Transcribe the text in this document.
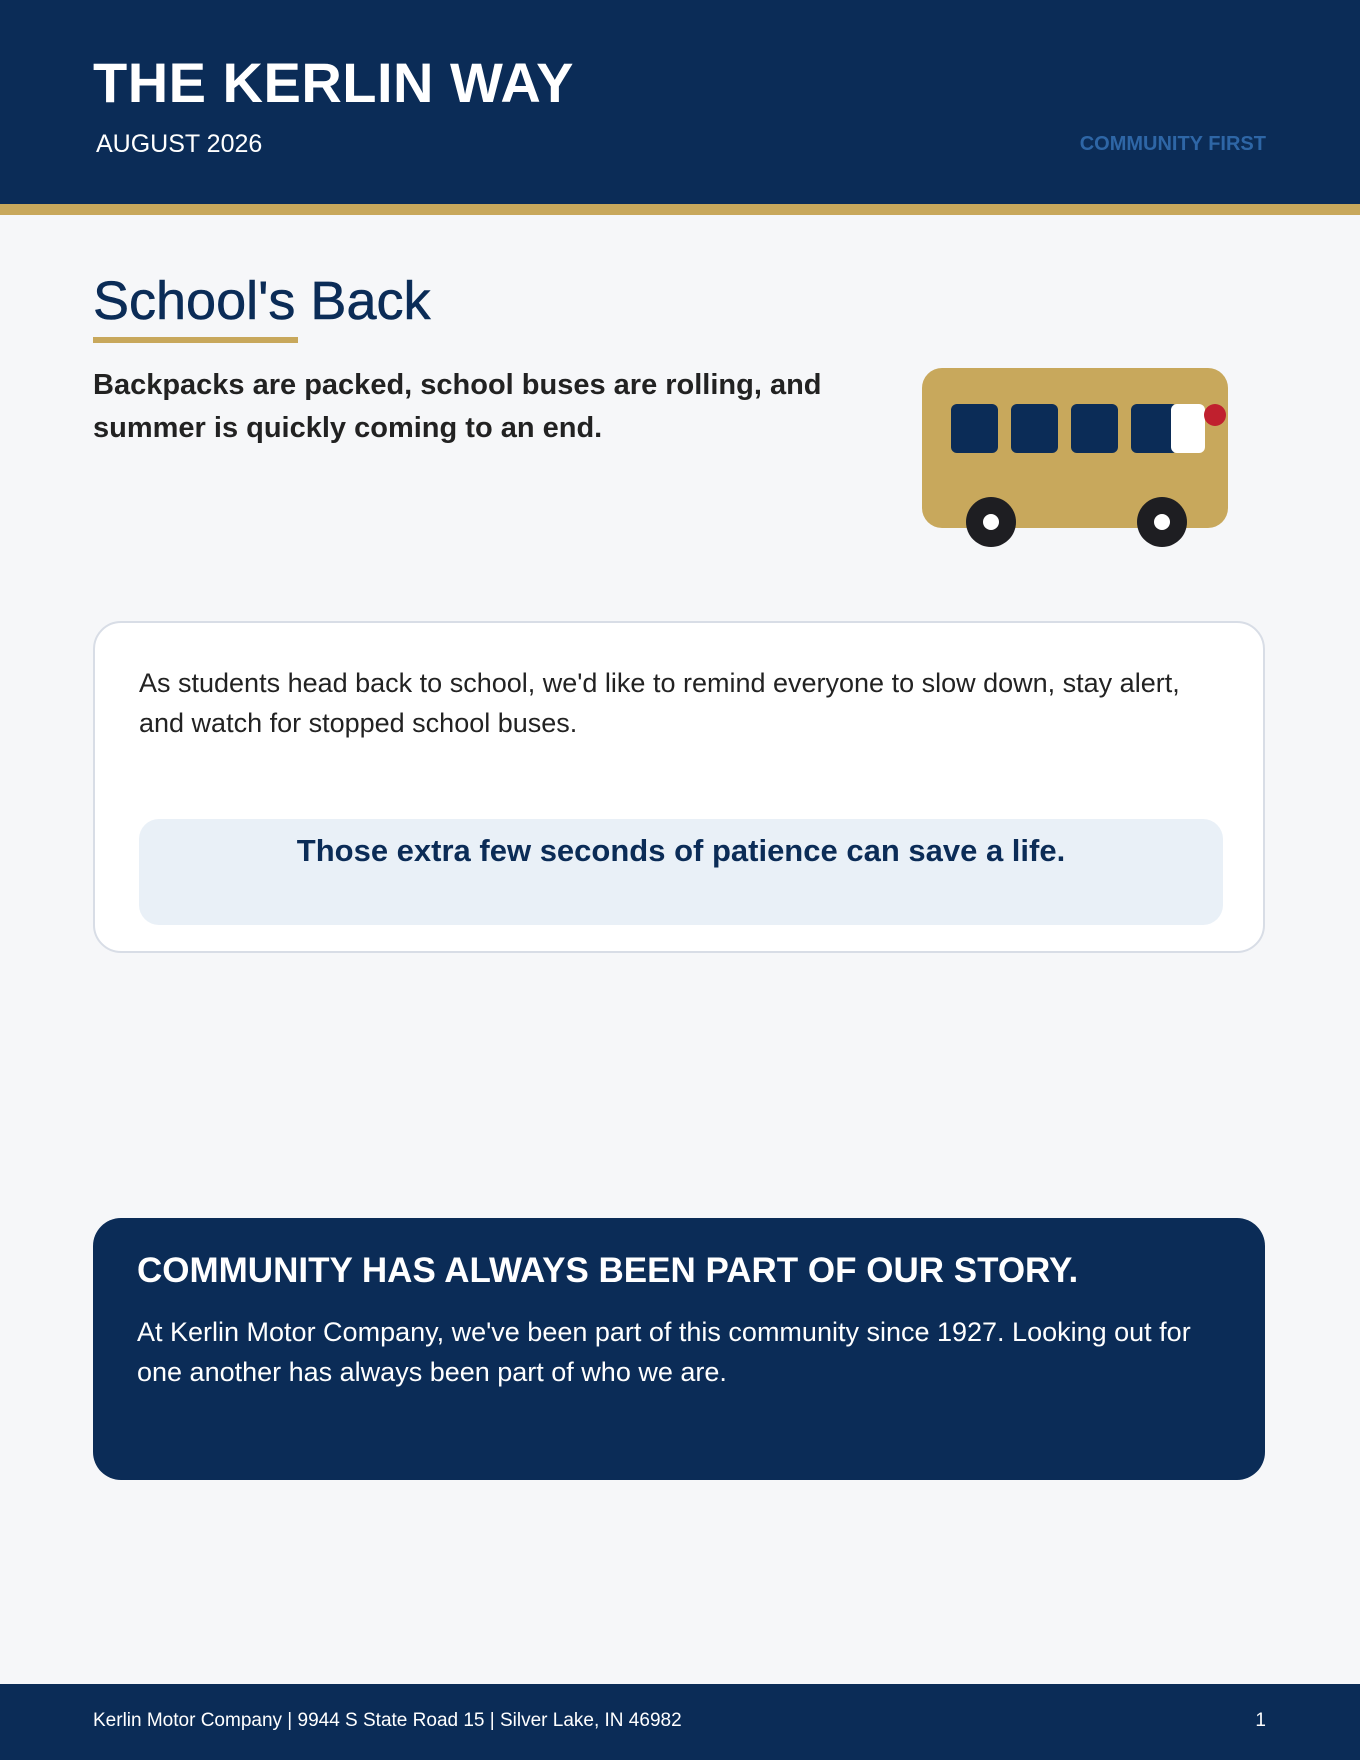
THE KERLIN WAY
AUGUST 2026	COMMUNITY FIRST
School's Back
Backpacks are packed, school buses are rolling, and summer is quickly coming to an end.
As students head back to school, we'd like to remind everyone to slow down, stay alert, and watch for stopped school buses.
Those extra few seconds of patience can save a life.
COMMUNITY HAS ALWAYS BEEN PART OF OUR STORY.
At Kerlin Motor Company, we've been part of this community since 1927. Looking out for one another has always been part of who we are.
Kerlin Motor Company | 9944 S State Road 15 | Silver Lake, IN 46982	1
